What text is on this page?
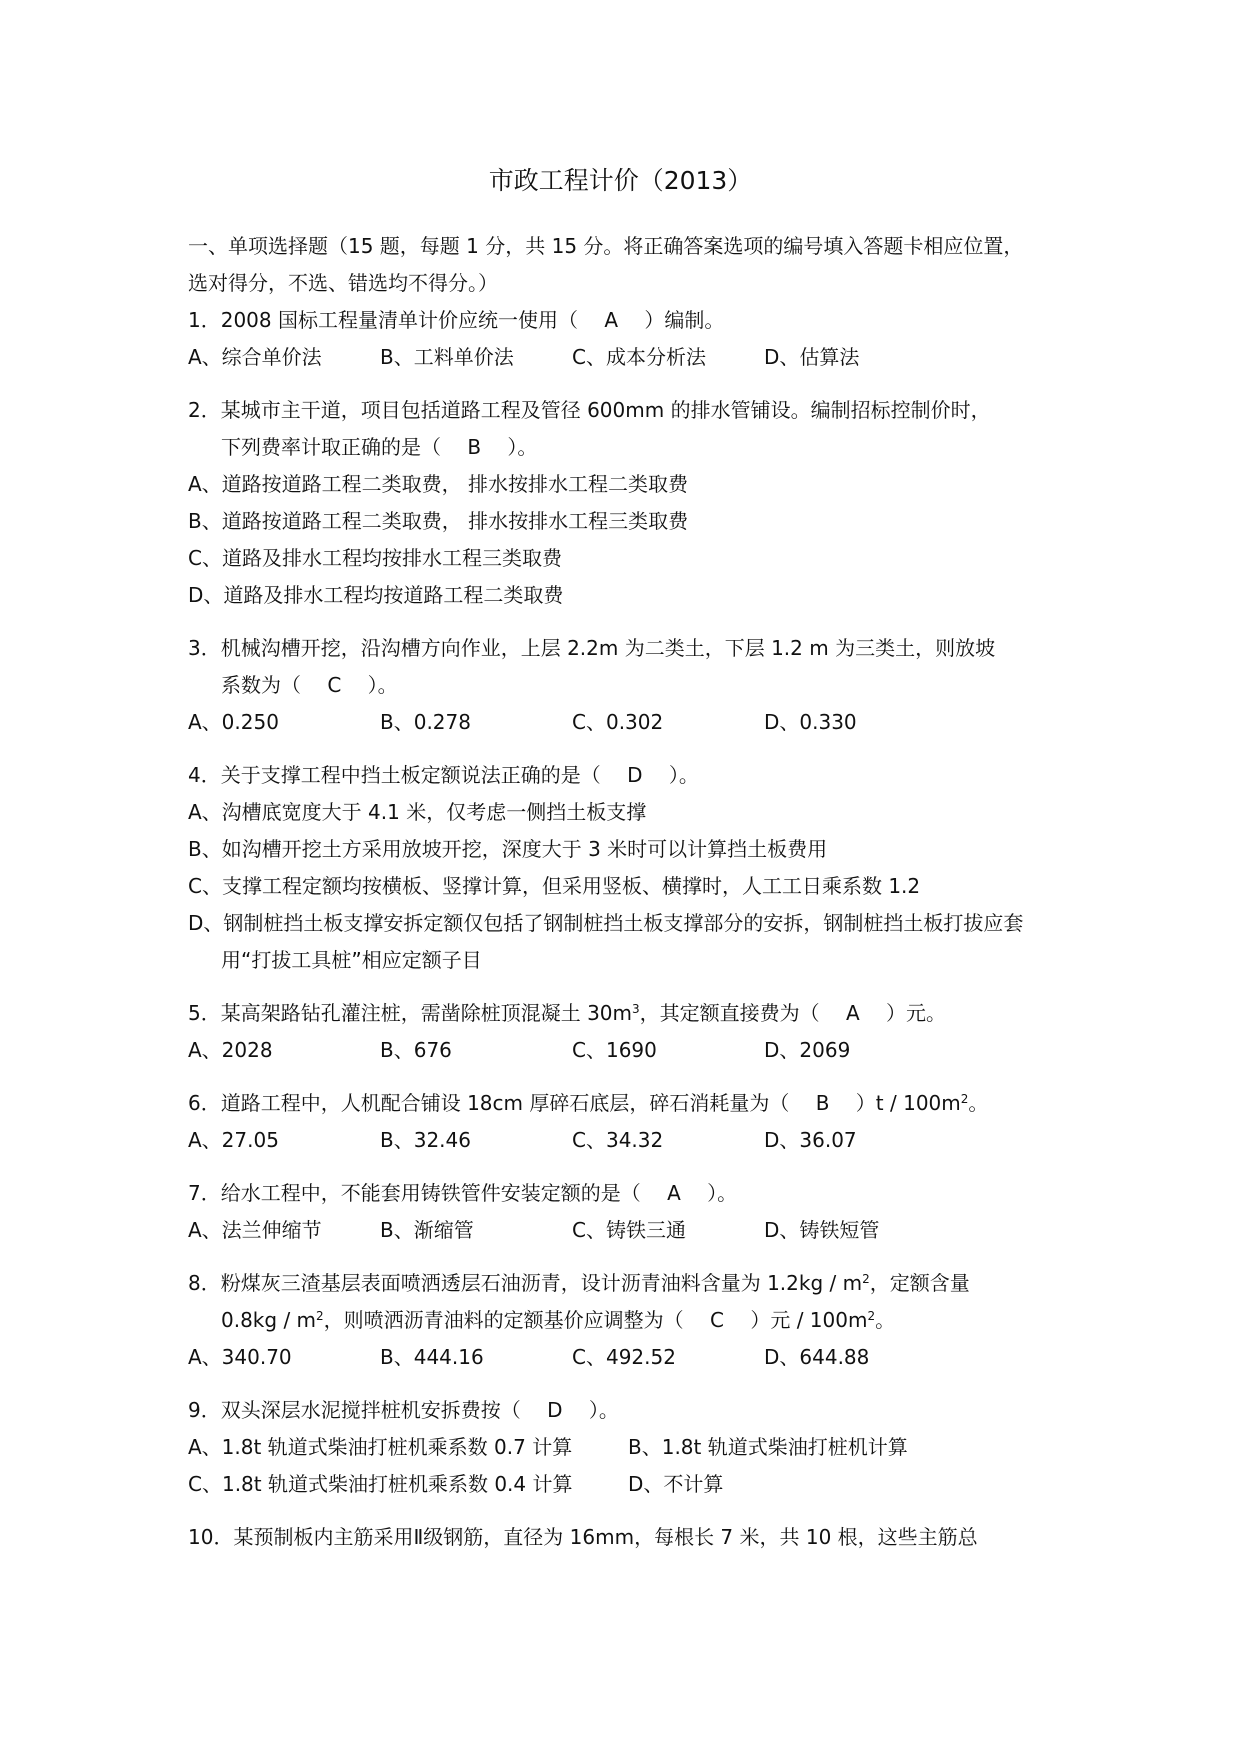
市政工程计价（2013）
一、单项选择题（15 题，每题 1 分，共 15 分。将正确答案选项的编号填入答题卡相应位置，
选对得分，不选、错选均不得分。）
1．2008 国标工程量清单计价应统一使用（　 A　 ）编制。
A、综合单价法	B、工料单价法	C、成本分析法	D、估算法
2．某城市主干道，项目包括道路工程及管径 600mm 的排水管铺设。编制招标控制价时，
下列费率计取正确的是（　 B　 ）。
A、道路按道路工程二类取费， 排水按排水工程二类取费
B、道路按道路工程二类取费， 排水按排水工程三类取费
C、道路及排水工程均按排水工程三类取费
D、道路及排水工程均按道路工程二类取费
3．机械沟槽开挖，沿沟槽方向作业，上层 2.2m 为二类土，下层 1.2 m 为三类土，则放坡
系数为（　 C　 ）。
A、0.250	B、0.278	C、0.302	D、0.330
4．关于支撑工程中挡土板定额说法正确的是（　 D　 ）。
A、沟槽底宽度大于 4.1 米，仅考虑一侧挡土板支撑
B、如沟槽开挖土方采用放坡开挖，深度大于 3 米时可以计算挡土板费用
C、支撑工程定额均按横板、竖撑计算，但采用竖板、横撑时，人工工日乘系数 1.2
D、钢制桩挡土板支撑安拆定额仅包括了钢制桩挡土板支撑部分的安拆，钢制桩挡土板打拔应套
用“打拔工具桩”相应定额子目
5．某高架路钻孔灌注桩，需凿除桩顶混凝土 $30m^3$，其定额直接费为（　 A　 ）元。
A、2028	B、676	C、1690	D、2069
6．道路工程中，人机配合铺设 18cm 厚碎石底层，碎石消耗量为（　 B　 ）$t / 100m^2$。
A、27.05	B、32.46	C、34.32	D、36.07
7．给水工程中，不能套用铸铁管件安装定额的是（　 A　 ）。
A、法兰伸缩节	B、渐缩管	C、铸铁三通	D、铸铁短管
8．粉煤灰三渣基层表面喷洒透层石油沥青，设计沥青油料含量为 $1.2kg / m^2$，定额含量
$0.8kg / m^2$，则喷洒沥青油料的定额基价应调整为（　 C　 ）元 / $100m^2$。
A、340.70	B、444.16	C、492.52	D、644.88
9．双头深层水泥搅拌桩机安拆费按（　 D　 ）。
A、1.8t 轨道式柴油打桩机乘系数 0.7 计算	B、1.8t 轨道式柴油打桩机计算
C、1.8t 轨道式柴油打桩机乘系数 0.4 计算	D、不计算
10．某预制板内主筋采用Ⅱ级钢筋，直径为 16mm，每根长 7 米，共 10 根，这些主筋总
